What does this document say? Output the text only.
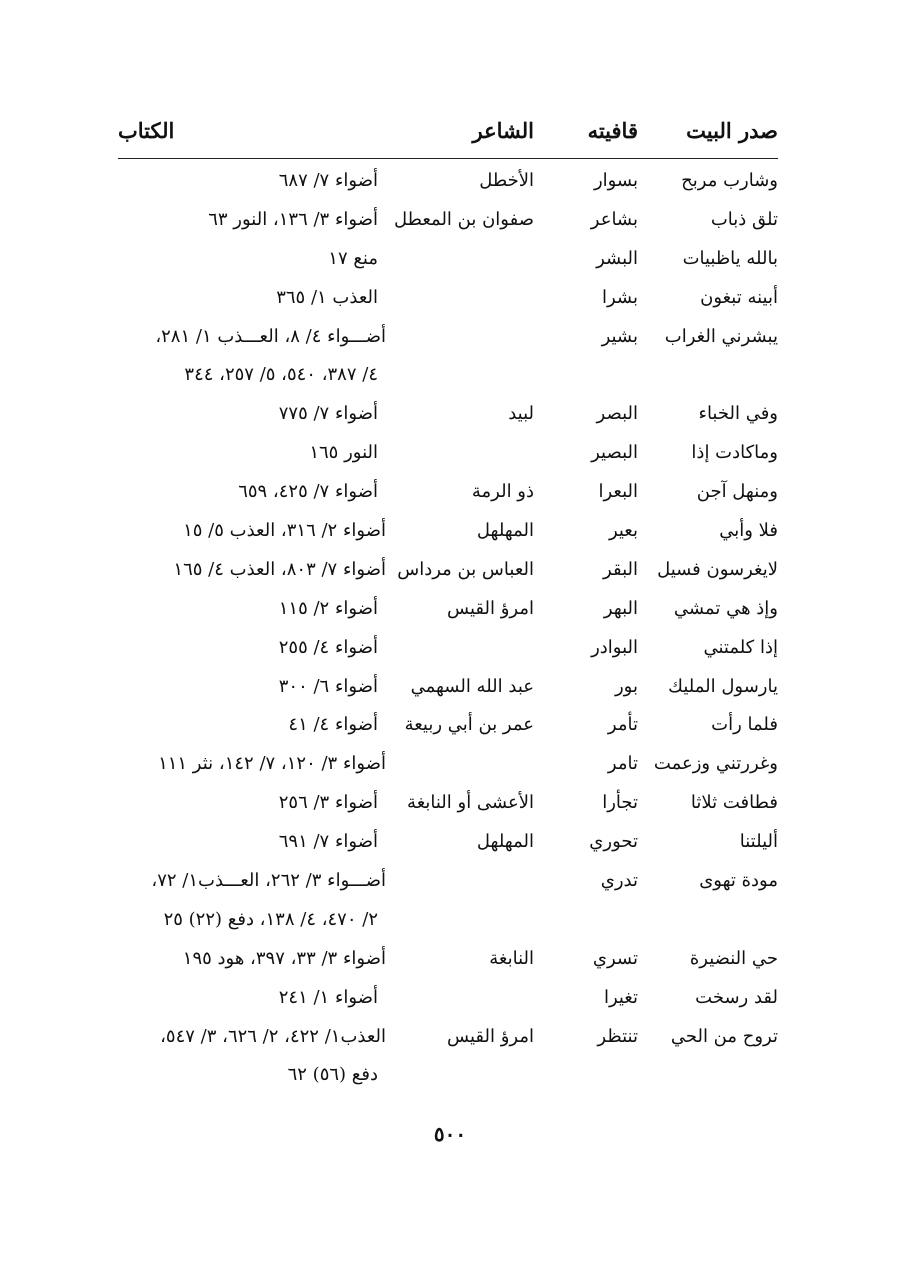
صدر البيت
قافيته
الشاعر
الكتاب
وشارب مربح
بسوار
الأخطل
أضواء ٧/ ٦٨٧
تلق ذباب
بشاعر
صفوان بن المعطل
أضواء ٣/ ١٣٦، النور ٦٣
بالله ياظبيات
البشر
منع ١٧
أبينه تبغون
بشرا
العذب ١/ ٣٦٥
يبشرني الغراب
بشير
أضـــواء ٤/ ٨، العـــذب ١/ ٢٨١،
٤/ ٣٨٧، ٥٤٠، ٥/ ٢٥٧، ٣٤٤
وفي الخباء
البصر
لبيد
أضواء ٧/ ٧٧٥
وماكادت إذا
البصير
النور ١٦٥
ومنهل آجن
البعرا
ذو الرمة
أضواء ٧/ ٤٢٥، ٦٥٩
فلا وأبي
بعير
المهلهل
أضواء ٢/ ٣١٦، العذب ٥/ ١٥
لايغرسون فسيل
البقر
العباس بن مرداس
أضواء ٧/ ٨٠٣، العذب ٤/ ١٦٥
وإذ هي تمشي
البهر
امرؤ القيس
أضواء ٢/ ١١٥
إذا كلمتني
البوادر
أضواء ٤/ ٢٥٥
يارسول المليك
بور
عبد الله السهمي
أضواء ٦/ ٣٠٠
فلما رأت
تأمر
عمر بن أبي ربيعة
أضواء ٤/ ٤١
وغررتني وزعمت
تامر
أضواء ٣/ ١٢٠، ٧/ ١٤٢، نثر ١١١
فطافت ثلاثا
تجأرا
الأعشى أو النابغة
أضواء ٣/ ٢٥٦
أليلتنا
تحوري
المهلهل
أضواء ٧/ ٦٩١
مودة تهوى
تدري
أضـــواء ٣/ ٢٦٢، العـــذب١/ ٧٢،
٢/ ٤٧٠، ٤/ ١٣٨، دفع (٢٢) ٢٥
حي النضيرة
تسري
النابغة
أضواء ٣/ ٣٣، ٣٩٧، هود ١٩٥
لقد رسخت
تغيرا
أضواء ١/ ٢٤١
تروح من الحي
تنتظر
امرؤ القيس
العذب١/ ٤٢٢، ٢/ ٦٢٦، ٣/ ٥٤٧،
دفع (٥٦) ٦٢
٥٠٠
